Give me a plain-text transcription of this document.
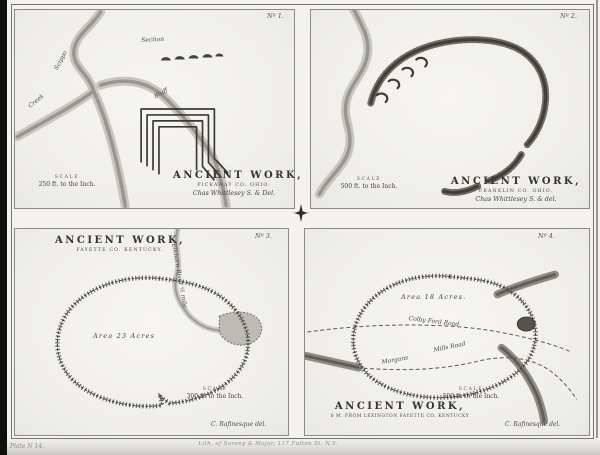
Nº 1.
Section
Bluff
Scippo
Creek
ANCIENT WORK,
PICKAWAY CO. OHIO.
Chas Whittlesey S. & Del.
SCALE
250 ft. to the Inch.
Nº 2.
ANCIENT WORK,
FRANKLIN CO. OHIO.
Chas Whittlesey S. & del.
SCALE
500 ft. to the Inch.
Nº 3.
ANCIENT WORK,
FAYETTE CO. KENTUCKY.
Area 23 Acres
Elkhorn River ½ mile
SCALE
300 ft. to the Inch.
C. Rafinesque del.
Nº 4.
Area 18 Acres.
Colby Ford Road
Morgans
Mills Road
ANCIENT WORK,
6 M. FROM LEXINGTON FAYETTE CO. KENTUCKY
SCALE
500 ft. to the Inch.
C. Rafinesque del.
Plate N 14.	Lith. of Sarony & Major, 117 Fulton St. N.Y.
